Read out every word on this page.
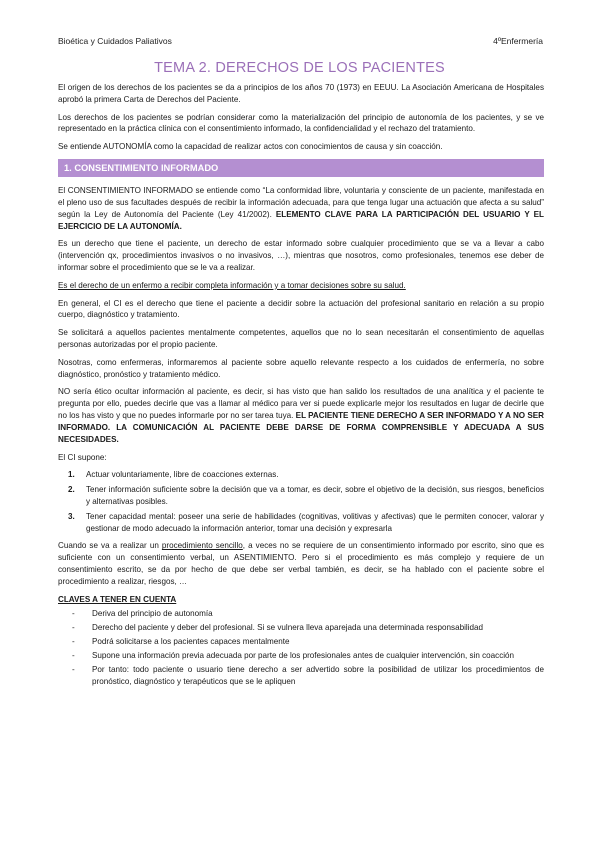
Bioética y Cuidados Paliativos	4ºEnfermería
TEMA 2. DERECHOS DE LOS PACIENTES

El origen de los derechos de los pacientes se da a principios de los años 70 (1973) en EEUU. La Asociación Americana de Hospitales aprobó la primera Carta de Derechos del Paciente.

Los derechos de los pacientes se podrían considerar como la materialización del principio de autonomía de los pacientes, y se ve representado en la práctica clínica con el consentimiento informado, la confidencialidad y el rechazo del tratamiento.

Se entiende AUTONOMÍA como la capacidad de realizar actos con conocimientos de causa y sin coacción.

1. CONSENTIMIENTO INFORMADO

El CONSENTIMIENTO INFORMADO se entiende como “La conformidad libre, voluntaria y consciente de un paciente, manifestada en el pleno uso de sus facultades después de recibir la información adecuada, para que tenga lugar una actuación que afecta a su salud” según la Ley de Autonomía del Paciente (Ley 41/2002). ELEMENTO CLAVE PARA LA PARTICIPACIÓN DEL USUARIO Y EL EJERCICIO DE LA AUTONOMÍA.

Es un derecho que tiene el paciente, un derecho de estar informado sobre cualquier procedimiento que se va a llevar a cabo (intervención qx, procedimientos invasivos o no invasivos, …), mientras que nosotros, como profesionales, tenemos ese deber de informar sobre el procedimiento que se le va a realizar.

Es el derecho de un enfermo a recibir completa información y a tomar decisiones sobre su salud.

En general, el CI es el derecho que tiene el paciente a decidir sobre la actuación del profesional sanitario en relación a su propio cuerpo, diagnóstico y tratamiento.

Se solicitará a aquellos pacientes mentalmente competentes, aquellos que no lo sean necesitarán el consentimiento de aquellas personas autorizadas por el propio paciente.

Nosotras, como enfermeras, informaremos al paciente sobre aquello relevante respecto a los cuidados de enfermería, no sobre diagnóstico, pronóstico y tratamiento médico.

NO sería ético ocultar información al paciente, es decir, si has visto que han salido los resultados de una analítica y el paciente te pregunta por ello, puedes decirle que vas a llamar al médico para ver si puede explicarle mejor los resultados en lugar de decirle que no los has visto y que no puedes informarle por no ser tarea tuya. EL PACIENTE TIENE DERECHO A SER INFORMADO Y A NO SER INFORMADO. LA COMUNICACIÓN AL PACIENTE DEBE DARSE DE FORMA COMPRENSIBLE Y ADECUADA A SUS NECESIDADES.

El CI supone:

1. Actuar voluntariamente, libre de coacciones externas.
2. Tener información suficiente sobre la decisión que va a tomar, es decir, sobre el objetivo de la decisión, sus riesgos, beneficios y alternativas posibles.
3. Tener capacidad mental: poseer una serie de habilidades (cognitivas, volitivas y afectivas) que le permiten conocer, valorar y gestionar de modo adecuado la información anterior, tomar una decisión y expresarla

Cuando se va a realizar un procedimiento sencillo, a veces no se requiere de un consentimiento informado por escrito, sino que es suficiente con un consentimiento verbal, un ASENTIMIENTO. Pero si el procedimiento es más complejo y requiere de un consentimiento escrito, se da por hecho de que debe ser verbal también, es decir, se ha hablado con el paciente sobre el procedimiento a realizar, riesgos, …

CLAVES A TENER EN CUENTA

- Deriva del principio de autonomía
- Derecho del paciente y deber del profesional. Si se vulnera lleva aparejada una determinada responsabilidad
- Podrá solicitarse a los pacientes capaces mentalmente
- Supone una información previa adecuada por parte de los profesionales antes de cualquier intervención, sin coacción
- Por tanto: todo paciente o usuario tiene derecho a ser advertido sobre la posibilidad de utilizar los procedimientos de pronóstico, diagnóstico y terapéuticos que se le apliquen
